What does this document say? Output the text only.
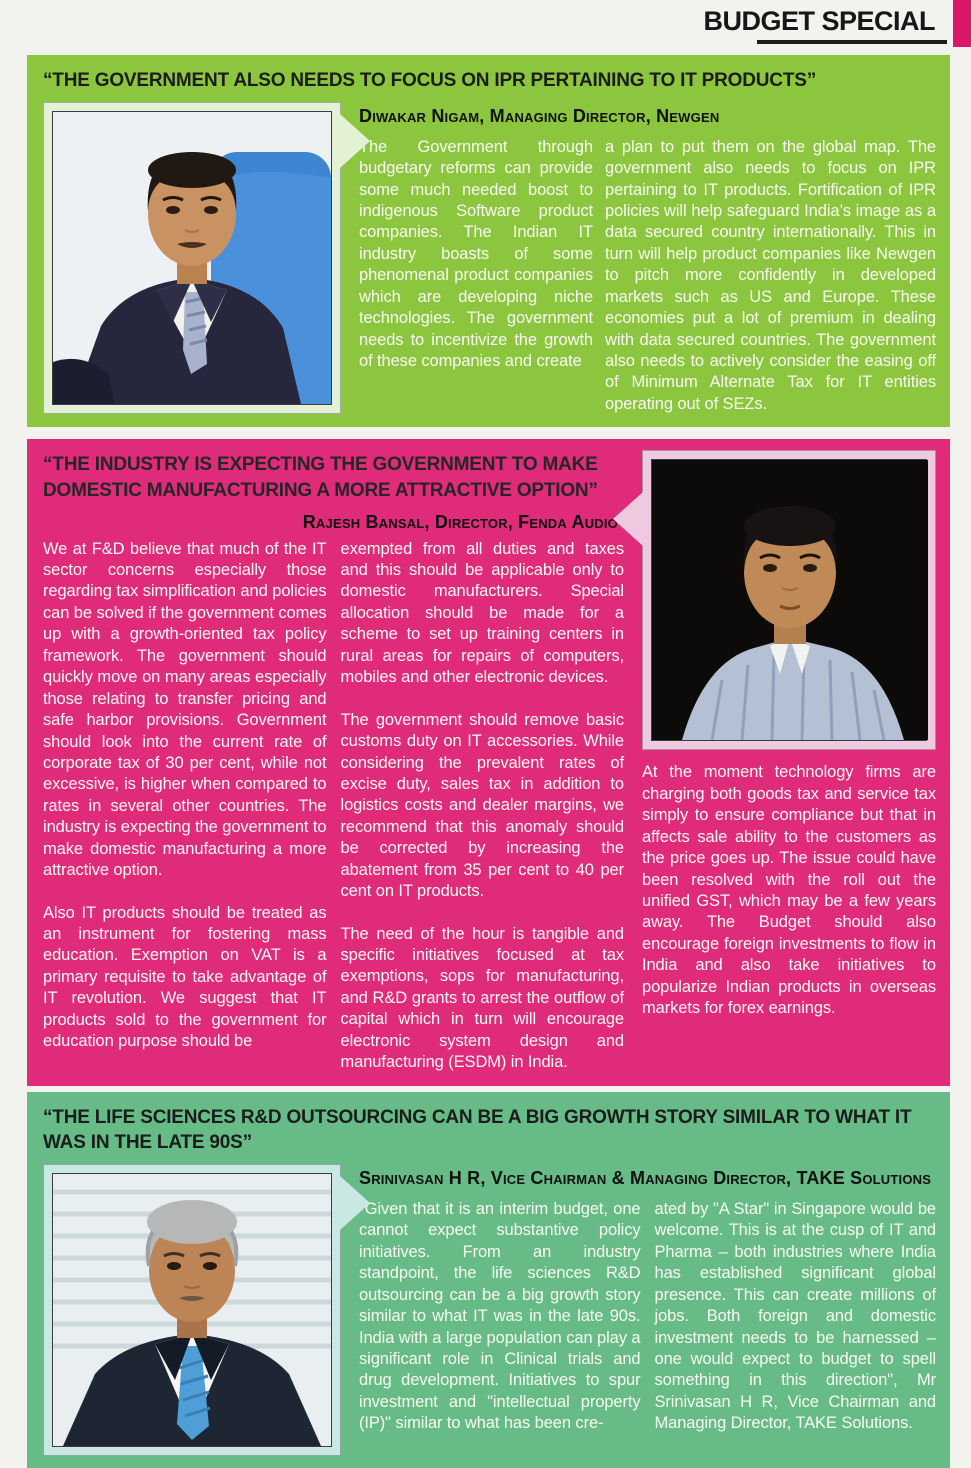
BUDGET SPECIAL
“THE GOVERNMENT ALSO NEEDS TO FOCUS ON IPR PERTAINING TO IT PRODUCTS”
Diwakar Nigam, Managing Director, Newgen

The Government through budgetary reforms can provide some much needed boost to indigenous Software product companies. The Indian IT industry boasts of some phenomenal product companies which are developing niche technologies. The government needs to incentivize the growth of these companies and create

a plan to put them on the global map. The government also needs to focus on IPR pertaining to IT products. Fortification of IPR policies will help safeguard India’s image as a data secured country internationally. This in turn will help product companies like Newgen to pitch more confidently in developed markets such as US and Europe. These economies put a lot of premium in dealing with data secured countries. The government also needs to actively consider the easing off of Minimum Alternate Tax for IT entities operating out of SEZs.

“THE INDUSTRY IS EXPECTING THE GOVERNMENT TO MAKE DOMESTIC MANUFACTURING A MORE ATTRACTIVE OPTION”
Rajesh Bansal, Director, Fenda Audio

We at F&D believe that much of the IT sector concerns especially those regarding tax simplification and policies can be solved if the government comes up with a growth-oriented tax policy framework. The government should quickly move on many areas especially those relating to transfer pricing and safe harbor provisions. Government should look into the current rate of corporate tax of 30 per cent, while not excessive, is higher when compared to rates in several other countries. The industry is expecting the government to make domestic manufacturing a more attractive option.

Also IT products should be treated as an instrument for fostering mass education. Exemption on VAT is a primary requisite to take advantage of IT revolution. We suggest that IT products sold to the government for education purpose should be

exempted from all duties and taxes and this should be applicable only to domestic manufacturers. Special allocation should be made for a scheme to set up training centers in rural areas for repairs of computers, mobiles and other electronic devices.

The government should remove basic customs duty on IT accessories. While considering the prevalent rates of excise duty, sales tax in addition to logistics costs and dealer margins, we recommend that this anomaly should be corrected by increasing the abatement from 35 per cent to 40 per cent on IT products.

The need of the hour is tangible and specific initiatives focused at tax exemptions, sops for manufacturing, and R&D grants to arrest the outflow of capital which in turn will encourage electronic system design and manufacturing (ESDM) in India.

At the moment technology firms are charging both goods tax and service tax simply to ensure compliance but that in affects sale ability to the customers as the price goes up. The issue could have been resolved with the roll out the unified GST, which may be a few years away. The Budget should also encourage foreign investments to flow in India and also take initiatives to popularize Indian products in overseas markets for forex earnings.

“THE LIFE SCIENCES R&D OUTSOURCING CAN BE A BIG GROWTH STORY SIMILAR TO WHAT IT WAS IN THE LATE 90S”
Srinivasan H R, Vice Chairman & Managing Director, TAKE Solutions

"Given that it is an interim budget, one cannot expect substantive policy initiatives. From an industry standpoint, the life sciences R&D outsourcing can be a big growth story similar to what IT was in the late 90s. India with a large population can play a significant role in Clinical trials and drug development. Initiatives to spur investment and "intellectual property (IP)" similar to what has been cre-

ated by "A Star" in Singapore would be welcome. This is at the cusp of IT and Pharma – both industries where India has established significant global presence. This can create millions of jobs. Both foreign and domestic investment needs to be harnessed – one would expect to budget to spell something in this direction", Mr Srinivasan H R, Vice Chairman and Managing Director, TAKE Solutions.
